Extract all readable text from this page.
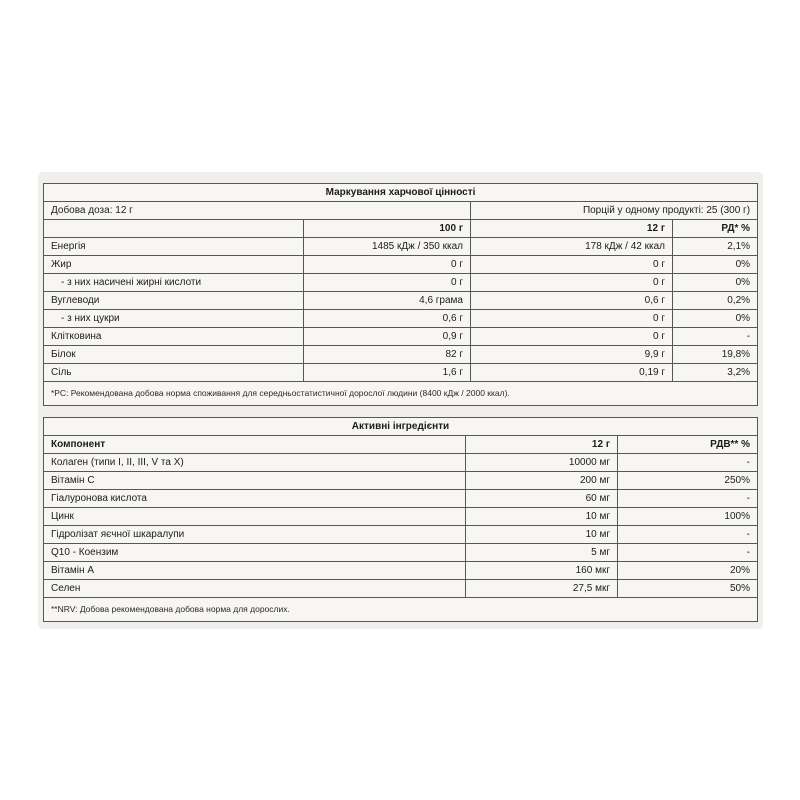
Маркування харчової цінності			
Добова доза: 12 г		Порцій у одному продукті: 25 (300 г)	
	100 г	12 г	РД* %
Енергія	1485 кДж / 350 ккал	178 кДж / 42 ккал	2,1%
Жир	0 г	0 г	0%
- з них насичені жирні кислоти	0 г	0 г	0%
Вуглеводи	4,6 грама	0,6 г	0,2%
- з них цукри	0,6 г	0 г	0%
Клітковина	0,9 г	0 г	-
Білок	82 г	9,9 г	19,8%
Сіль	1,6 г	0,19 г	3,2%
*РС: Рекомендована добова норма споживання для середньостатистичної дорослої людини (8400 кДж / 2000 ккал).			
Активні інгредієнти		
Компонент	12 г	РДВ** %
Колаген (типи I, II, III, V та X)	10000 мг	-
Вітамін C	200 мг	250%
Гіалуронова кислота	60 мг	-
Цинк	10 мг	100%
Гідролізат яєчної шкаралупи	10 мг	-
Q10 - Коензим	5 мг	-
Вітамін A	160 мкг	20%
Селен	27,5 мкг	50%
**NRV: Добова рекомендована добова норма для дорослих.		
